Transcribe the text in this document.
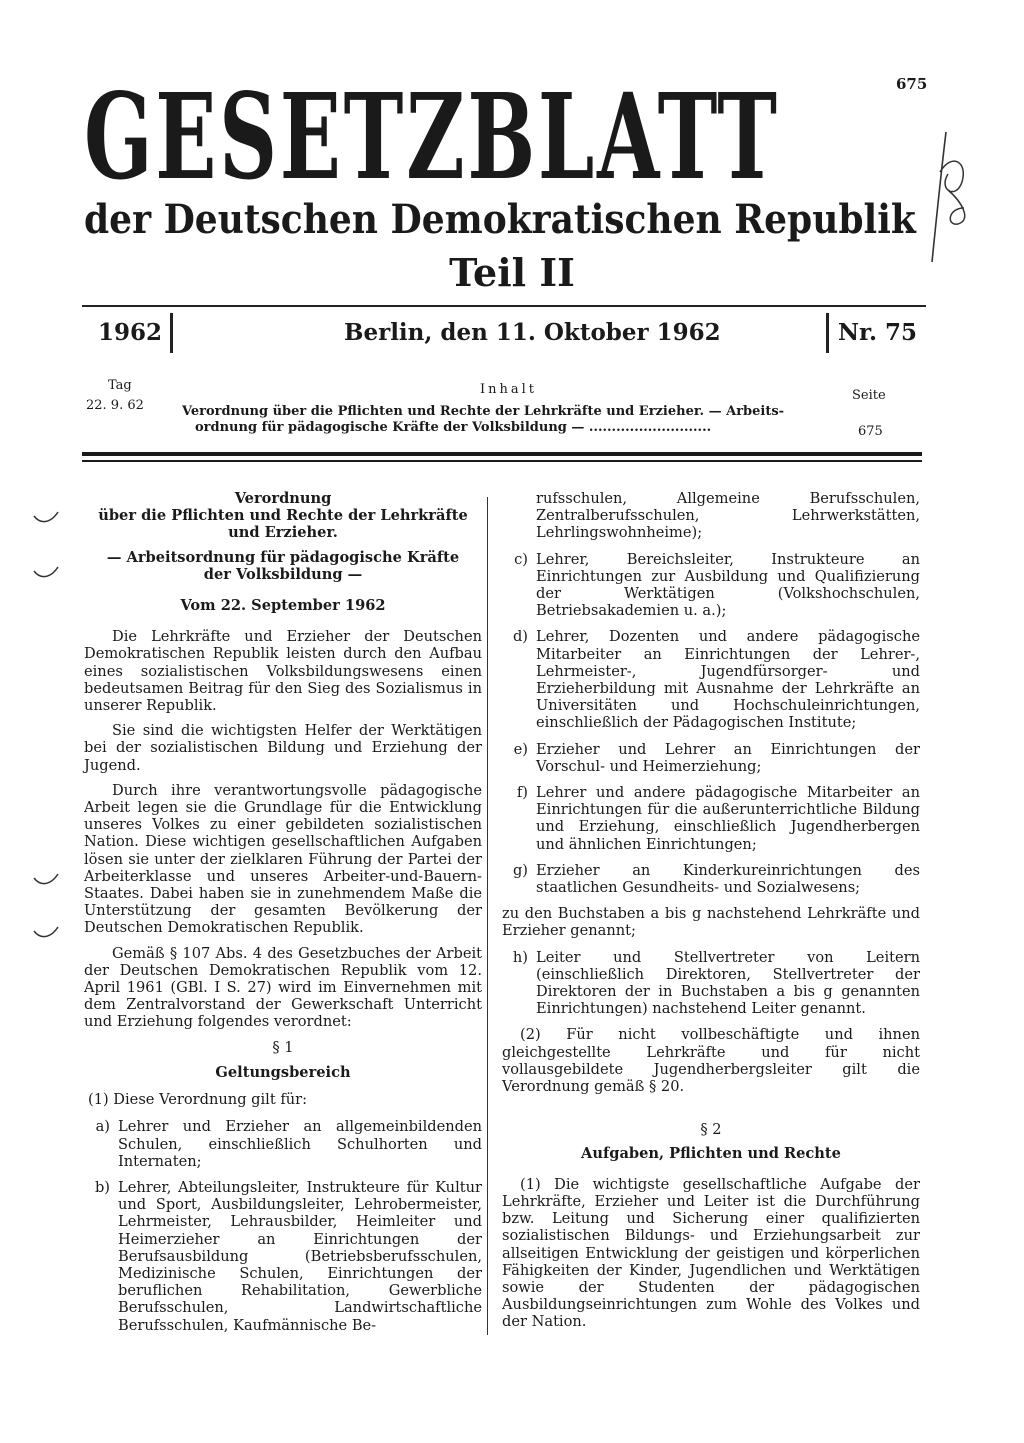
675
GESETZBLATT
der Deutschen Demokratischen Republik
Teil II
1962	Berlin, den 11. Oktober 1962	Nr. 75
Tag	Inhalt	Seite
22. 9. 62	Verordnung über die Pflichten und Rechte der Lehrkräfte und Erzieher. — Arbeits-
ordnung für pädagogische Kräfte der Volksbildung — ...........................	675
Verordnung
über die Pflichten und Rechte der Lehrkräfte
und Erzieher.
— Arbeitsordnung für pädagogische Kräfte
der Volksbildung —
Vom 22. September 1962

Die Lehrkräfte und Erzieher der Deutschen Demokratischen Republik leisten durch den Aufbau eines sozialistischen Volksbildungswesens einen bedeutsamen Beitrag für den Sieg des Sozialismus in unserer Republik.

Sie sind die wichtigsten Helfer der Werktätigen bei der sozialistischen Bildung und Erziehung der Jugend.

Durch ihre verantwortungsvolle pädagogische Arbeit legen sie die Grundlage für die Entwicklung unseres Volkes zu einer gebildeten sozialistischen Nation. Diese wichtigen gesellschaftlichen Aufgaben lösen sie unter der zielklaren Führung der Partei der Arbeiterklasse und unseres Arbeiter-und-Bauern-Staates. Dabei haben sie in zunehmendem Maße die Unterstützung der gesamten Bevölkerung der Deutschen Demokratischen Republik.

Gemäß § 107 Abs. 4 des Gesetzbuches der Arbeit der Deutschen Demokratischen Republik vom 12. April 1961 (GBl. I S. 27) wird im Einvernehmen mit dem Zentralvorstand der Gewerkschaft Unterricht und Erziehung folgendes verordnet:

§ 1
Geltungsbereich

(1) Diese Verordnung gilt für:

a) Lehrer und Erzieher an allgemeinbildenden Schulen, einschließlich Schulhorten und Internaten;
b) Lehrer, Abteilungsleiter, Instrukteure für Kultur und Sport, Ausbildungsleiter, Lehrobermeister, Lehrmeister, Lehrausbilder, Heimleiter und Heimerzieher an Einrichtungen der Berufsausbildung (Betriebsberufsschulen, Medizinische Schulen, Einrichtungen der beruflichen Rehabilitation, Gewerbliche Berufsschulen, Landwirtschaftliche Berufsschulen, Kaufmännische Be-
rufsschulen, Allgemeine Berufsschulen, Zentralberufsschulen, Lehrwerkstätten, Lehrlingswohnheime);
c) Lehrer, Bereichsleiter, Instrukteure an Einrichtungen zur Ausbildung und Qualifizierung der Werktätigen (Volkshochschulen, Betriebsakademien u. a.);
d) Lehrer, Dozenten und andere pädagogische Mitarbeiter an Einrichtungen der Lehrer-, Lehrmeister-, Jugendfürsorger- und Erzieherbildung mit Ausnahme der Lehrkräfte an Universitäten und Hochschuleinrichtungen, einschließlich der Pädagogischen Institute;
e) Erzieher und Lehrer an Einrichtungen der Vorschul- und Heimerziehung;
f) Lehrer und andere pädagogische Mitarbeiter an Einrichtungen für die außerunterrichtliche Bildung und Erziehung, einschließlich Jugendherbergen und ähnlichen Einrichtungen;
g) Erzieher an Kinderkureinrichtungen des staatlichen Gesundheits- und Sozialwesens;

zu den Buchstaben a bis g nachstehend Lehrkräfte und Erzieher genannt;

h) Leiter und Stellvertreter von Leitern (einschließlich Direktoren, Stellvertreter der Direktoren der in Buchstaben a bis g genannten Einrichtungen) nachstehend Leiter genannt.

(2) Für nicht vollbeschäftigte und ihnen gleichgestellte Lehrkräfte und für nicht vollausgebildete Jugendherbergsleiter gilt die Verordnung gemäß § 20.

§ 2
Aufgaben, Pflichten und Rechte

(1) Die wichtigste gesellschaftliche Aufgabe der Lehrkräfte, Erzieher und Leiter ist die Durchführung bzw. Leitung und Sicherung einer qualifizierten sozialistischen Bildungs- und Erziehungsarbeit zur allseitigen Entwicklung der geistigen und körperlichen Fähigkeiten der Kinder, Jugendlichen und Werktätigen sowie der Studenten der pädagogischen Ausbildungseinrichtungen zum Wohle des Volkes und der Nation.
